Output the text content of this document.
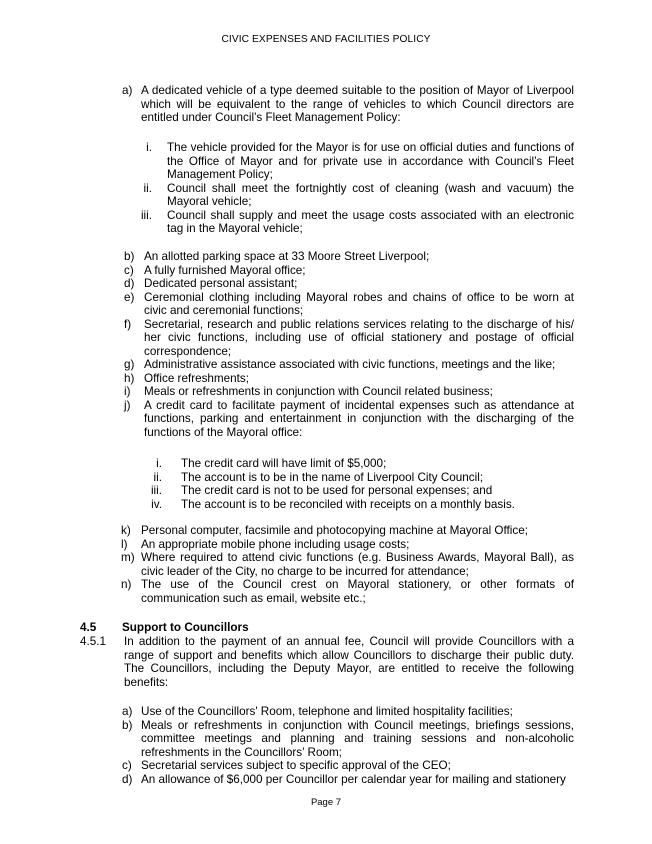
CIVIC EXPENSES AND FACILITIES POLICY
a) A dedicated vehicle of a type deemed suitable to the position of Mayor of Liverpool which will be equivalent to the range of vehicles to which Council directors are entitled under Council’s Fleet Management Policy:
i. The vehicle provided for the Mayor is for use on official duties and functions of the Office of Mayor and for private use in accordance with Council’s Fleet Management Policy;
ii. Council shall meet the fortnightly cost of cleaning (wash and vacuum) the Mayoral vehicle;
iii. Council shall supply and meet the usage costs associated with an electronic tag in the Mayoral vehicle;
b) An allotted parking space at 33 Moore Street Liverpool;
c) A fully furnished Mayoral office;
d) Dedicated personal assistant;
e) Ceremonial clothing including Mayoral robes and chains of office to be worn at civic and ceremonial functions;
f) Secretarial, research and public relations services relating to the discharge of his/ her civic functions, including use of official stationery and postage of official correspondence;
g) Administrative assistance associated with civic functions, meetings and the like;
h) Office refreshments;
i) Meals or refreshments in conjunction with Council related business;
j) A credit card to facilitate payment of incidental expenses such as attendance at functions, parking and entertainment in conjunction with the discharging of the functions of the Mayoral office:
i. The credit card will have limit of $5,000;
ii. The account is to be in the name of Liverpool City Council;
iii. The credit card is not to be used for personal expenses; and
iv. The account is to be reconciled with receipts on a monthly basis.
k) Personal computer, facsimile and photocopying machine at Mayoral Office;
l) An appropriate mobile phone including usage costs;
m) Where required to attend civic functions (e.g. Business Awards, Mayoral Ball), as civic leader of the City, no charge to be incurred for attendance;
n) The use of the Council crest on Mayoral stationery, or other formats of communication such as email, website etc.;
4.5 Support to Councillors
4.5.1 In addition to the payment of an annual fee, Council will provide Councillors with a range of support and benefits which allow Councillors to discharge their public duty. The Councillors, including the Deputy Mayor, are entitled to receive the following benefits:
a) Use of the Councillors' Room, telephone and limited hospitality facilities;
b) Meals or refreshments in conjunction with Council meetings, briefings sessions, committee meetings and planning and training sessions and non-alcoholic refreshments in the Councillors’ Room;
c) Secretarial services subject to specific approval of the CEO;
d) An allowance of $6,000 per Councillor per calendar year for mailing and stationery
Page 7
